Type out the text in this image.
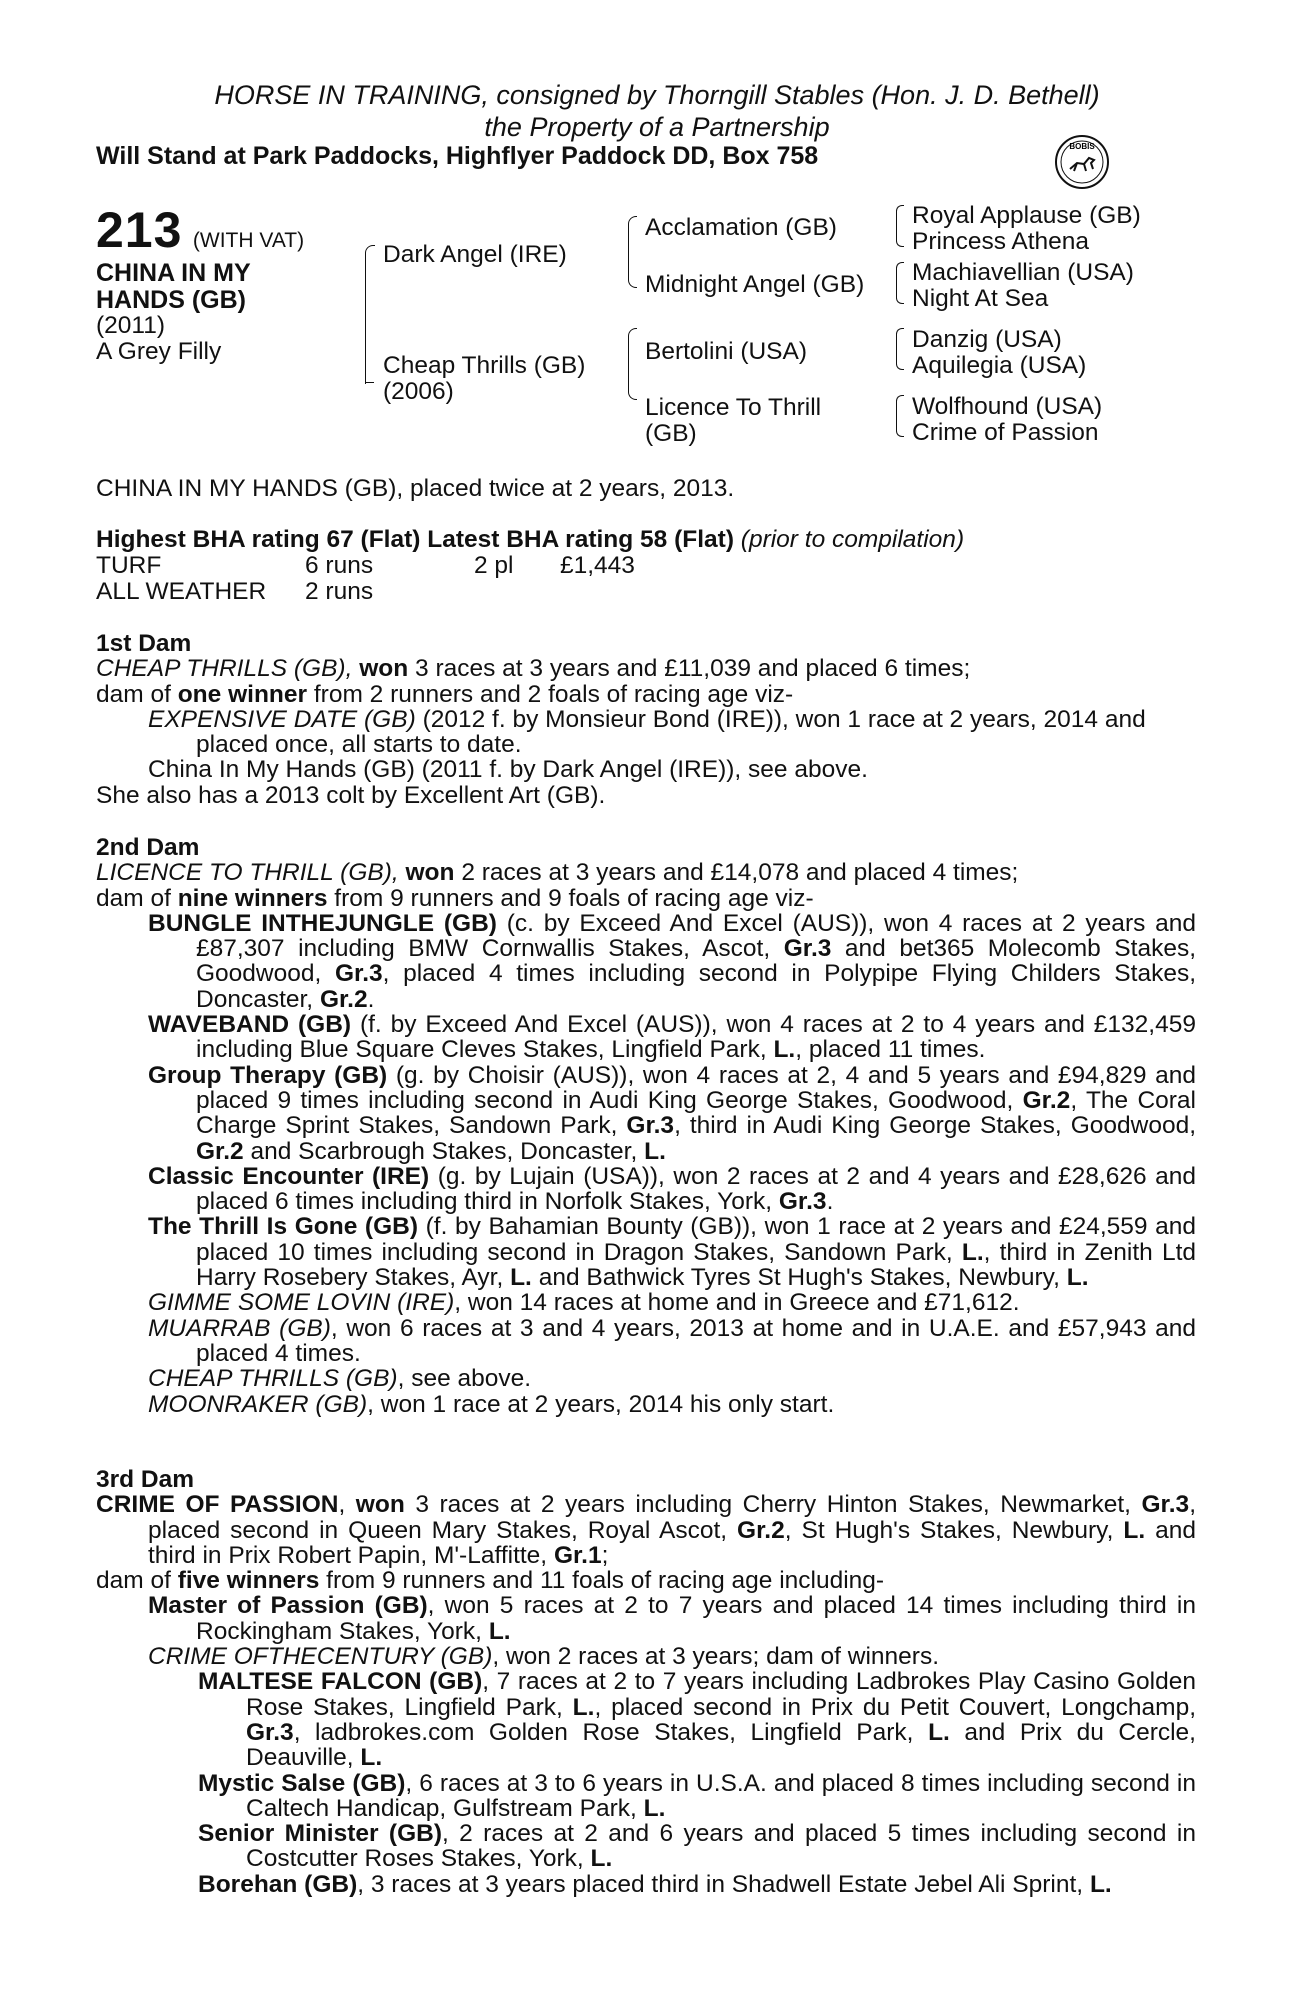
HORSE IN TRAINING, consigned by Thorngill Stables (Hon. J. D. Bethell)
the Property of a Partnership
Will Stand at Park Paddocks, Highflyer Paddock DD, Box 758	BOBIS
213 (WITH VAT)
CHINA IN MY
HANDS (GB)
(2011)
A Grey Filly
Dark Angel (IRE)
Cheap Thrills (GB)
(2006)
Acclamation (GB)
Midnight Angel (GB)
Bertolini (USA)
Licence To Thrill
(GB)
Royal Applause (GB)
Princess Athena
Machiavellian (USA)
Night At Sea
Danzig (USA)
Aquilegia (USA)
Wolfhound (USA)
Crime of Passion
CHINA IN MY HANDS (GB), placed twice at 2 years, 2013.
Highest BHA rating 67 (Flat) Latest BHA rating 58 (Flat) (prior to compilation)
TURF	6 runs	2 pl £1,443
ALL WEATHER 2 runs

1st Dam

CHEAP THRILLS (GB), won 3 races at 3 years and £11,039 and placed 6 times;

dam of one winner from 2 runners and 2 foals of racing age viz-

EXPENSIVE DATE (GB) (2012 f. by Monsieur Bond (IRE)), won 1 race at 2 years, 2014 and

placed once, all starts to date.

China In My Hands (GB) (2011 f. by Dark Angel (IRE)), see above.

She also has a 2013 colt by Excellent Art (GB).

2nd Dam

LICENCE TO THRILL (GB), won 2 races at 3 years and £14,078 and placed 4 times;

dam of nine winners from 9 runners and 9 foals of racing age viz-

BUNGLE INTHEJUNGLE (GB) (c. by Exceed And Excel (AUS)), won 4 races at 2 years and £87,307 including BMW Cornwallis Stakes, Ascot, Gr.3 and bet365 Molecomb Stakes, Goodwood, Gr.3, placed 4 times including second in Polypipe Flying Childers Stakes, Doncaster, Gr.2.

WAVEBAND (GB) (f. by Exceed And Excel (AUS)), won 4 races at 2 to 4 years and £132,459 including Blue Square Cleves Stakes, Lingfield Park, L., placed 11 times.

Group Therapy (GB) (g. by Choisir (AUS)), won 4 races at 2, 4 and 5 years and £94,829 and placed 9 times including second in Audi King George Stakes, Goodwood, Gr.2, The Coral Charge Sprint Stakes, Sandown Park, Gr.3, third in Audi King George Stakes, Goodwood, Gr.2 and Scarbrough Stakes, Doncaster, L.

Classic Encounter (IRE) (g. by Lujain (USA)), won 2 races at 2 and 4 years and £28,626 and placed 6 times including third in Norfolk Stakes, York, Gr.3.

The Thrill Is Gone (GB) (f. by Bahamian Bounty (GB)), won 1 race at 2 years and £24,559 and placed 10 times including second in Dragon Stakes, Sandown Park, L., third in Zenith Ltd Harry Rosebery Stakes, Ayr, L. and Bathwick Tyres St Hugh's Stakes, Newbury, L.

GIMME SOME LOVIN (IRE), won 14 races at home and in Greece and £71,612.

MUARRAB (GB), won 6 races at 3 and 4 years, 2013 at home and in U.A.E. and £57,943 and placed 4 times.

CHEAP THRILLS (GB), see above.

MOONRAKER (GB), won 1 race at 2 years, 2014 his only start.

3rd Dam

CRIME OF PASSION, won 3 races at 2 years including Cherry Hinton Stakes, Newmarket, Gr.3, placed second in Queen Mary Stakes, Royal Ascot, Gr.2, St Hugh's Stakes, Newbury, L. and third in Prix Robert Papin, M'-Laffitte, Gr.1;

dam of five winners from 9 runners and 11 foals of racing age including-

Master of Passion (GB), won 5 races at 2 to 7 years and placed 14 times including third in Rockingham Stakes, York, L.

CRIME OFTHECENTURY (GB), won 2 races at 3 years; dam of winners.

MALTESE FALCON (GB), 7 races at 2 to 7 years including Ladbrokes Play Casino Golden Rose Stakes, Lingfield Park, L., placed second in Prix du Petit Couvert, Longchamp, Gr.3, ladbrokes.com Golden Rose Stakes, Lingfield Park, L. and Prix du Cercle, Deauville, L.

Mystic Salse (GB), 6 races at 3 to 6 years in U.S.A. and placed 8 times including second in Caltech Handicap, Gulfstream Park, L.

Senior Minister (GB), 2 races at 2 and 6 years and placed 5 times including second in Costcutter Roses Stakes, York, L.

Borehan (GB), 3 races at 3 years placed third in Shadwell Estate Jebel Ali Sprint, L.
